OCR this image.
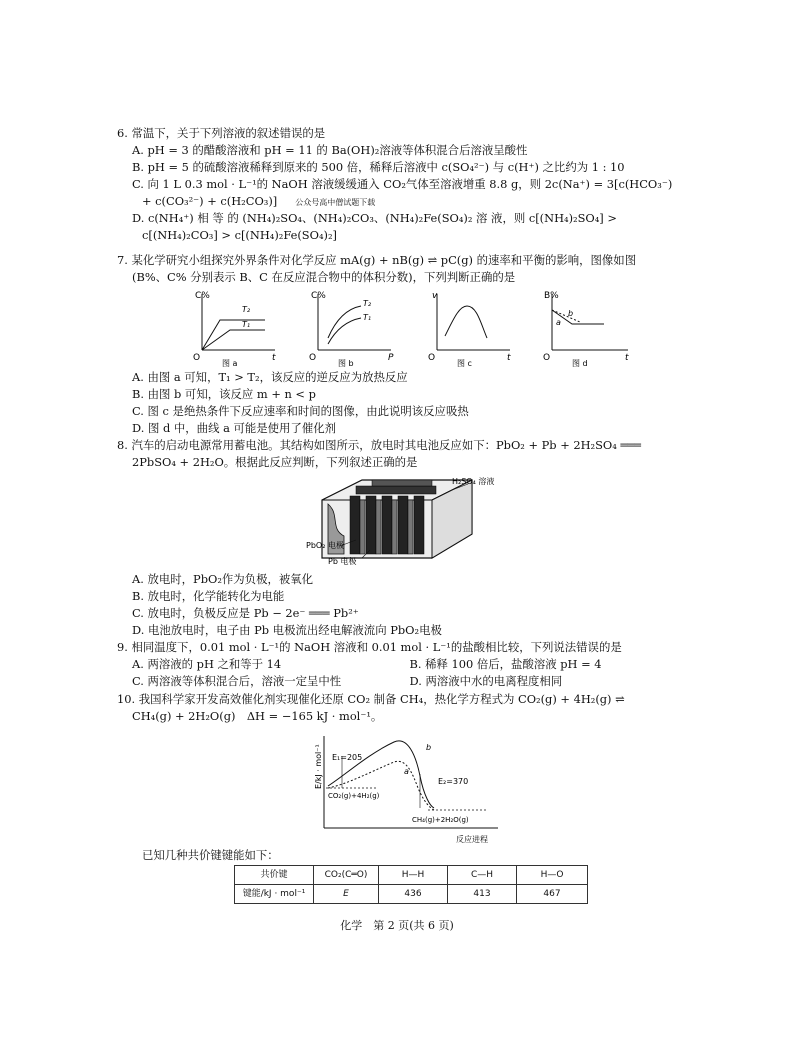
6. 常温下，关于下列溶液的叙述错误的是
A. pH = 3 的醋酸溶液和 pH = 11 的 Ba(OH)₂溶液等体积混合后溶液呈酸性
B. pH = 5 的硫酸溶液稀释到原来的 500 倍，稀释后溶液中 c(SO₄²⁻) 与 c(H⁺) 之比约为 1 : 10
C. 向 1 L 0.3 mol · L⁻¹的 NaOH 溶液缓缓通入 CO₂气体至溶液增重 8.8 g，则 2c(Na⁺) = 3[c(HCO₃⁻)
+ c(CO₃²⁻) + c(H₂CO₃)] 公众号高中僧试题下载
D. c(NH₄⁺) 相 等 的 (NH₄)₂SO₄、(NH₄)₂CO₃、(NH₄)₂Fe(SO₄)₂ 溶 液，则 c[(NH₄)₂SO₄] >
c[(NH₄)₂CO₃] > c[(NH₄)₂Fe(SO₄)₂]
7. 某化学研究小组探究外界条件对化学反应 mA(g) + nB(g) ⇌ pC(g) 的速率和平衡的影响，图像如图
(B%、C% 分别表示 B、C 在反应混合物中的体积分数)，下列判断正确的是
C%
O	t
T₂
T₁
图 a
C%
O	P
T₂
T₁
图 b
v
O	t
图 c
B%
O	t
b
a
图 d
A. 由图 a 可知，T₁ > T₂，该反应的逆反应为放热反应
B. 由图 b 可知，该反应 m + n < p
C. 图 c 是绝热条件下反应速率和时间的图像，由此说明该反应吸热
D. 图 d 中，曲线 a 可能是使用了催化剂
8. 汽车的启动电源常用蓄电池。其结构如图所示，放电时其电池反应如下：PbO₂ + Pb + 2H₂SO₄ ═══
2PbSO₄ + 2H₂O。根据此反应判断，下列叙述正确的是
H₂SO₄ 溶液
PbO₂ 电极
Pb 电极
A. 放电时，PbO₂作为负极，被氧化
B. 放电时，化学能转化为电能
C. 放电时，负极反应是 Pb − 2e⁻ ═══ Pb²⁺
D. 电池放电时，电子由 Pb 电极流出经电解液流向 PbO₂电极
9. 相同温度下，0.01 mol · L⁻¹的 NaOH 溶液和 0.01 mol · L⁻¹的盐酸相比较，下列说法错误的是
A. 两溶液的 pH 之和等于 14	B. 稀释 100 倍后，盐酸溶液 pH = 4
C. 两溶液等体积混合后，溶液一定呈中性	D. 两溶液中水的电离程度相同
10. 我国科学家开发高效催化剂实现催化还原 CO₂ 制备 CH₄，热化学方程式为 CO₂(g) + 4H₂(g) ⇌
CH₄(g) + 2H₂O(g)　ΔH = −165 kJ · mol⁻¹。
E/kJ · mol⁻¹ E₁=205
E₂=370
b
a
CO₂(g)+4H₂(g)
CH₄(g)+2H₂O(g)
反应进程
已知几种共价键键能如下：
共价键	CO₂(C═O)	H—H	C—H	H—O
键能/kJ · mol⁻¹	E	436	413	467
化学　第 2 页(共 6 页)
